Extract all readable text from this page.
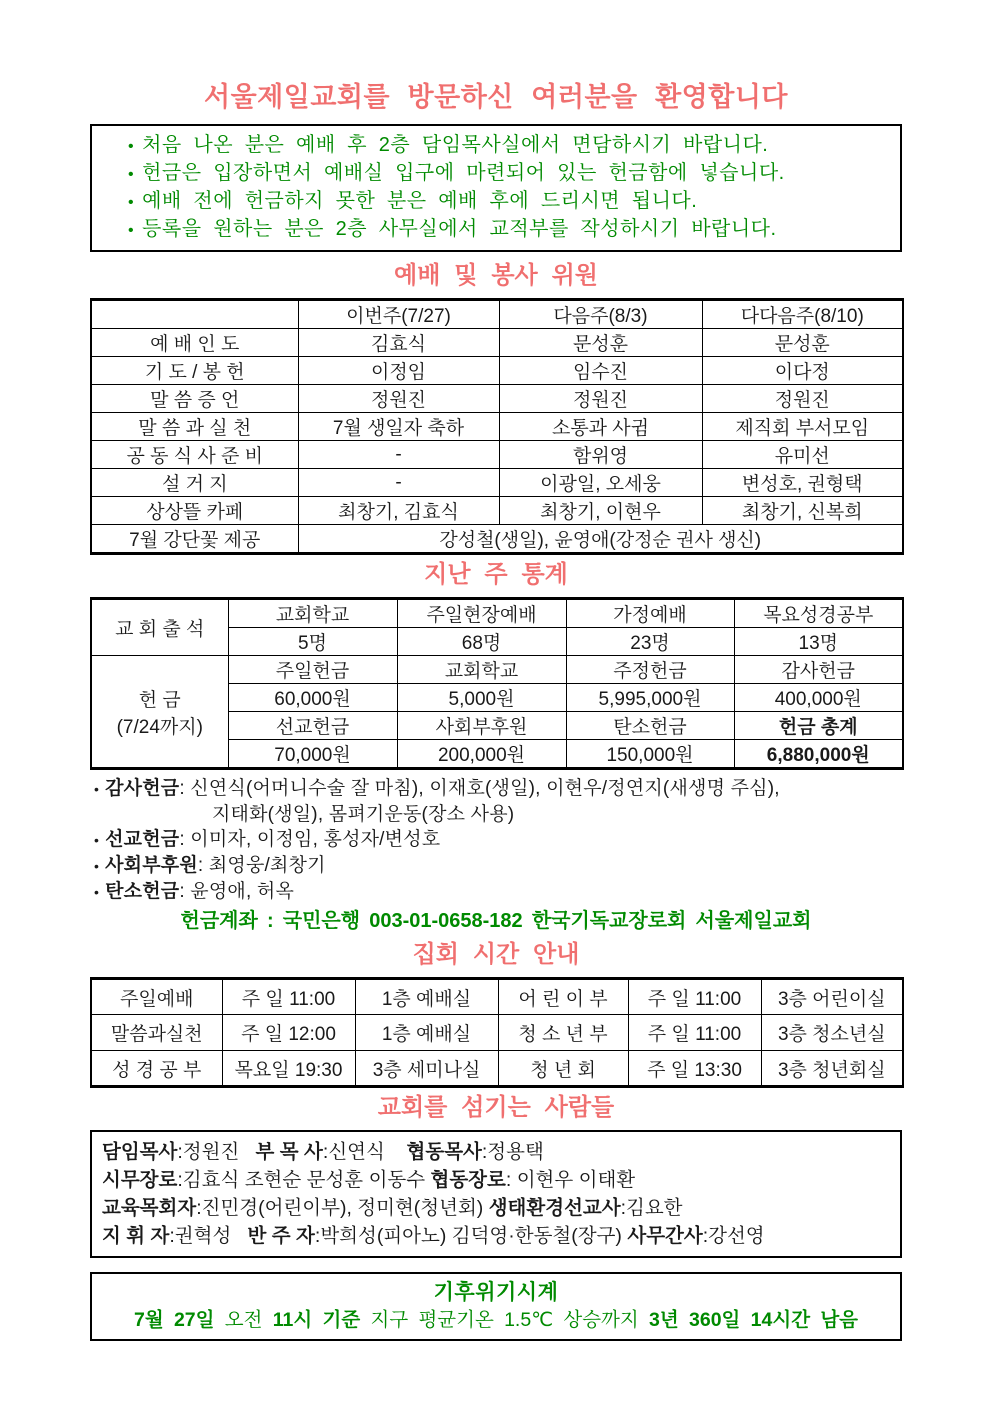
서울제일교회를 방문하신 여러분을 환영합니다
• 처음 나온 분은 예배 후 2층 담임목사실에서 면담하시기 바랍니다.
• 헌금은 입장하면서 예배실 입구에 마련되어 있는 헌금함에 넣습니다.
• 예배 전에 헌금하지 못한 분은 예배 후에 드리시면 됩니다.
• 등록을 원하는 분은 2층 사무실에서 교적부를 작성하시기 바랍니다.
예배 및 봉사 위원
	이번주(7/27)	다음주(8/3)	다다음주(8/10)
예 배 인 도	김효식	문성훈	문성훈
기 도 / 봉 헌	이정임	임수진	이다정
말 씀 증 언	정원진	정원진	정원진
말 씀 과 실 천	7월 생일자 축하	소통과 사귐	제직회 부서모임
공 동 식 사 준 비	-	함위영	유미선
설 거 지	-	이광일, 오세웅	변성호, 권형택
상상뜰 카페	최창기, 김효식	최창기, 이현우	최창기, 신복희
7월 강단꽃 제공	강성철(생일), 윤영애(강정순 권사 생신)		
지난 주 통계
교 회 출 석	교회학교	주일현장예배	가정예배	목요성경공부
	5명	68명	23명	13명

헌 금
(7/24까지)	주일헌금	교회학교	주정헌금	감사헌금
	60,000원	5,000원	5,995,000원	400,000원
	선교헌금	사회부후원	탄소헌금	헌금 총계
	70,000원	200,000원	150,000원	6,880,000원
• 감사헌금: 신연식(어머니수술 잘 마침), 이재호(생일), 이현우/정연지(새생명 주심),
지태화(생일), 몸펴기운동(장소 사용)
• 선교헌금: 이미자, 이정임, 홍성자/변성호
• 사회부후원: 최영웅/최창기
• 탄소헌금: 윤영애, 허옥
헌금계좌 : 국민은행 003-01-0658-182 한국기독교장로회 서울제일교회
집회 시간 안내
주일예배	주 일 11:00	1층 예배실	어 린 이 부	주 일 11:00	3층 어린이실
말씀과실천	주 일 12:00	1층 예배실	청 소 년 부	주 일 11:00	3층 청소년실
성 경 공 부	목요일 19:30	3층 세미나실	청 년 회	주 일 13:30	3층 청년회실
교회를 섬기는 사람들
담임목사:정원진   부 목 사:신연식    협동목사:정용택
시무장로:김효식 조현순 문성훈 이동수 협동장로: 이현우 이태환
교육목회자:진민경(어린이부), 정미현(청년회) 생태환경선교사:김요한
지 휘 자:권혁성   반 주 자:박희성(피아노) 김덕영·한동철(장구) 사무간사:강선영
기후위기시계
7월 27일 오전 11시 기준 지구 평균기온 1.5℃ 상승까지 3년 360일 14시간 남음
